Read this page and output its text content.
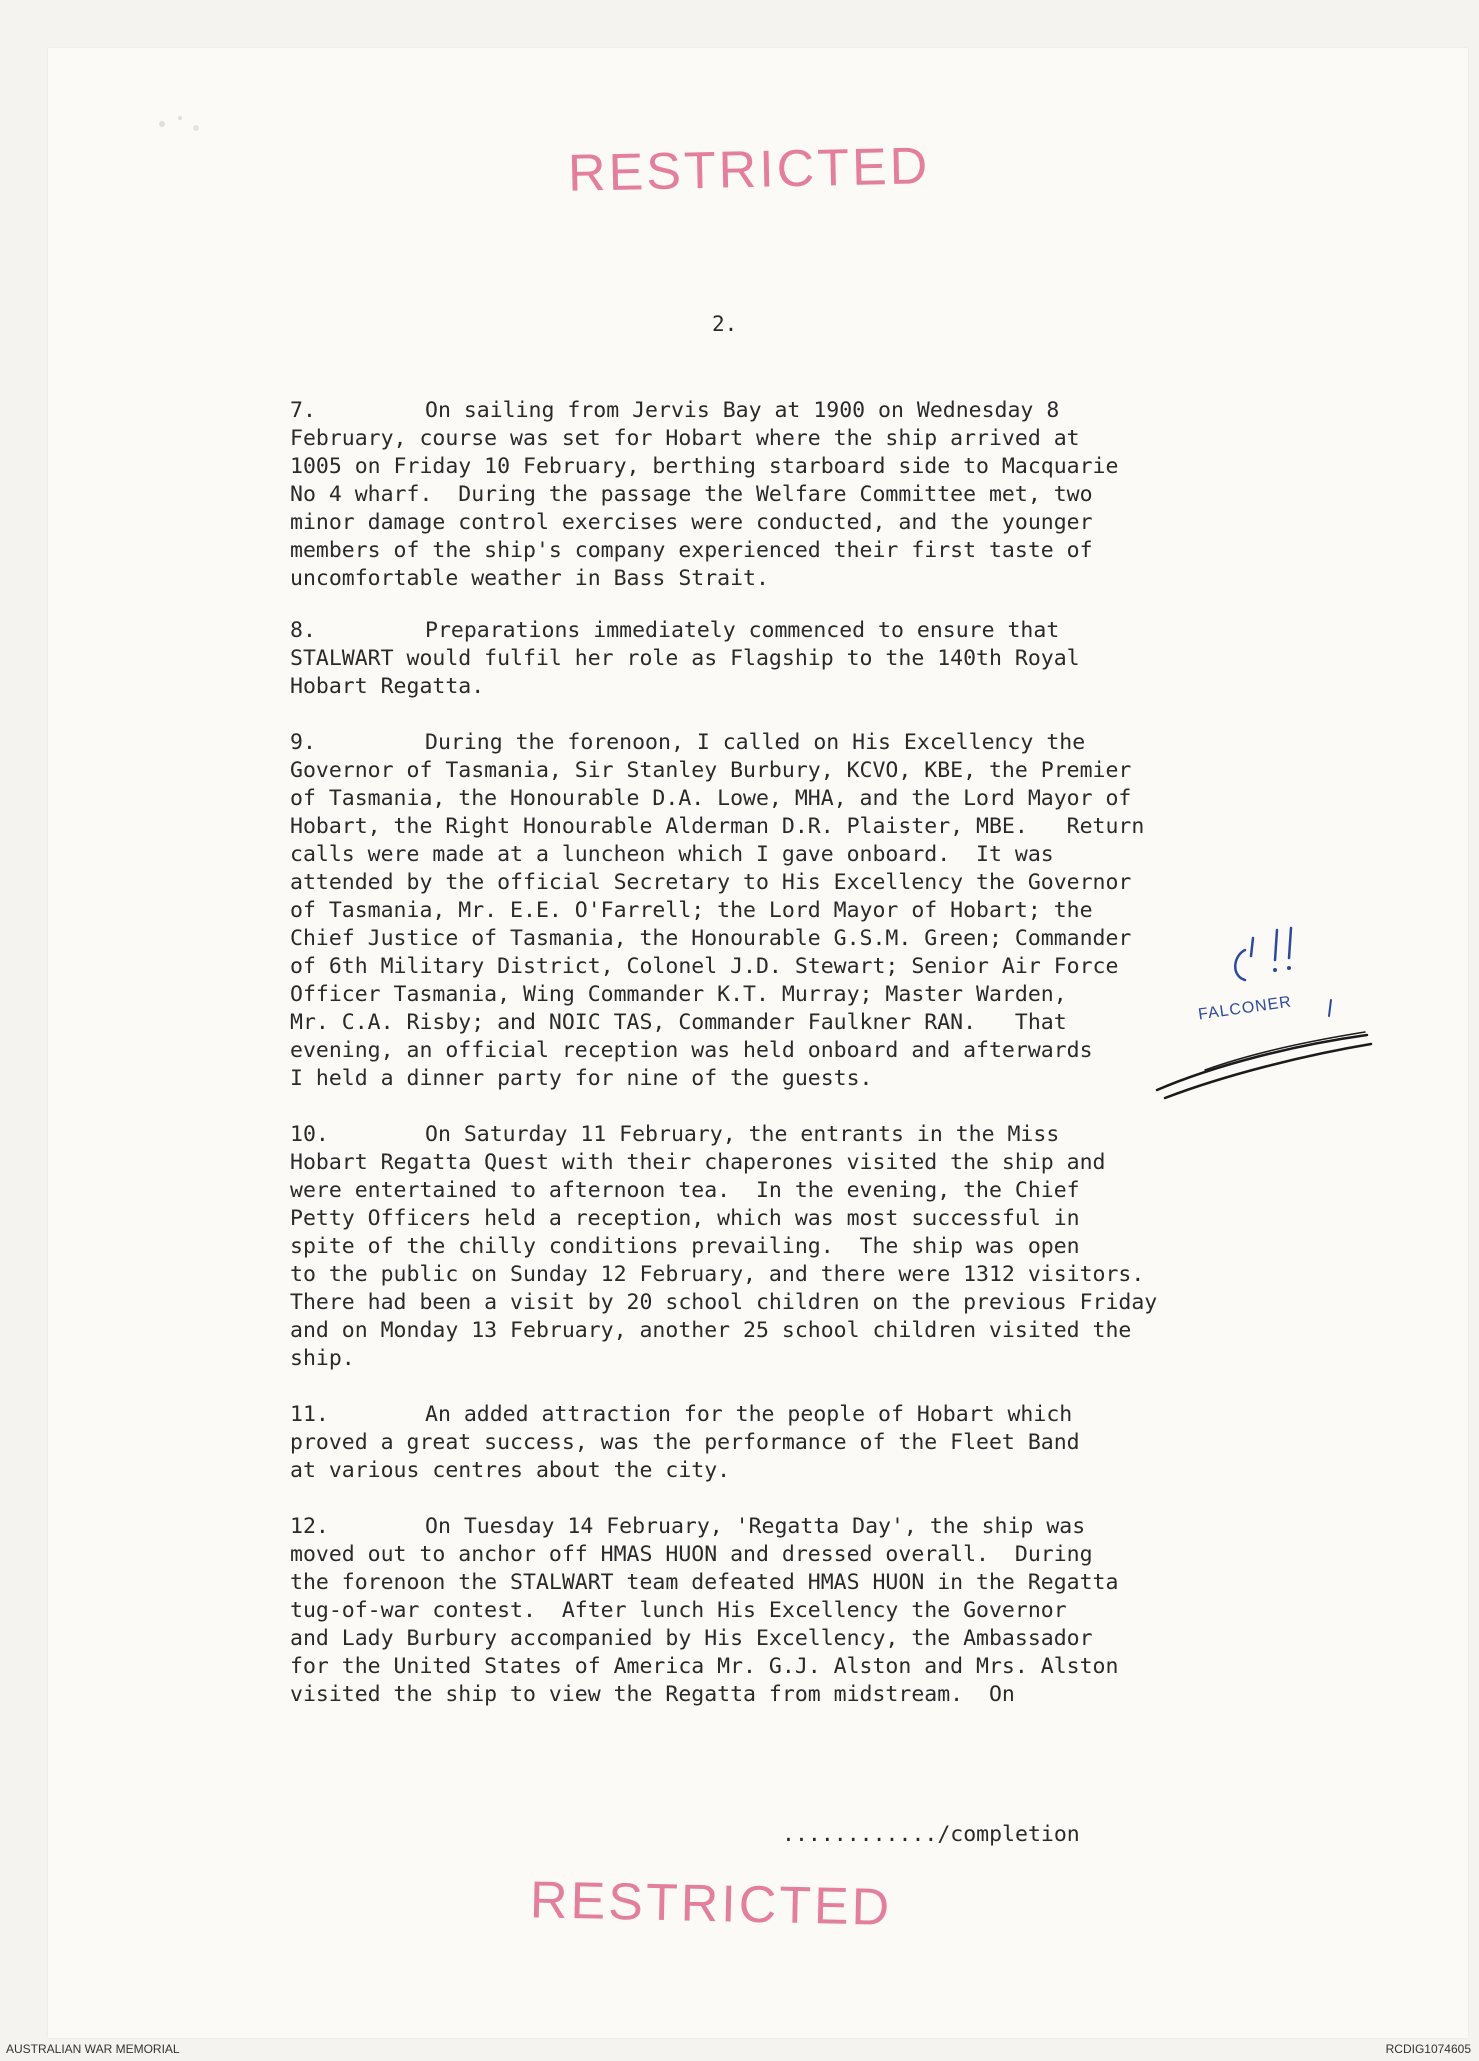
RESTRICTED
2.
7.	On sailing from Jervis Bay at 1900 on Wednesday 8
February, course was set for Hobart where the ship arrived at
1005 on Friday 10 February, berthing starboard side to Macquarie
No 4 wharf.  During the passage the Welfare Committee met, two
minor damage control exercises were conducted, and the younger
members of the ship's company experienced their first taste of
uncomfortable weather in Bass Strait.
8.	Preparations immediately commenced to ensure that
STALWART would fulfil her role as Flagship to the 140th Royal
Hobart Regatta.
9.	During the forenoon, I called on His Excellency the
Governor of Tasmania, Sir Stanley Burbury, KCVO, KBE, the Premier
of Tasmania, the Honourable D.A. Lowe, MHA, and the Lord Mayor of
Hobart, the Right Honourable Alderman D.R. Plaister, MBE.   Return
calls were made at a luncheon which I gave onboard.  It was
attended by the official Secretary to His Excellency the Governor
of Tasmania, Mr. E.E. O'Farrell; the Lord Mayor of Hobart; the
Chief Justice of Tasmania, the Honourable G.S.M. Green; Commander
of 6th Military District, Colonel J.D. Stewart; Senior Air Force
Officer Tasmania, Wing Commander K.T. Murray; Master Warden,
Mr. C.A. Risby; and NOIC TAS, Commander Faulkner RAN.   That
evening, an official reception was held onboard and afterwards
I held a dinner party for nine of the guests.
10.	On Saturday 11 February, the entrants in the Miss
Hobart Regatta Quest with their chaperones visited the ship and
were entertained to afternoon tea.  In the evening, the Chief
Petty Officers held a reception, which was most successful in
spite of the chilly conditions prevailing.  The ship was open
to the public on Sunday 12 February, and there were 1312 visitors.
There had been a visit by 20 school children on the previous Friday
and on Monday 13 February, another 25 school children visited the
ship.
11.	An added attraction for the people of Hobart which
proved a great success, was the performance of the Fleet Band
at various centres about the city.
12.	On Tuesday 14 February, 'Regatta Day', the ship was
moved out to anchor off HMAS HUON and dressed overall.  During
the forenoon the STALWART team defeated HMAS HUON in the Regatta
tug-of-war contest.  After lunch His Excellency the Governor
and Lady Burbury accompanied by His Excellency, the Ambassador
for the United States of America Mr. G.J. Alston and Mrs. Alston
visited the ship to view the Regatta from midstream.  On
FALCONER
............/completion
RESTRICTED
AUSTRALIAN WAR MEMORIAL	RCDIG1074605
